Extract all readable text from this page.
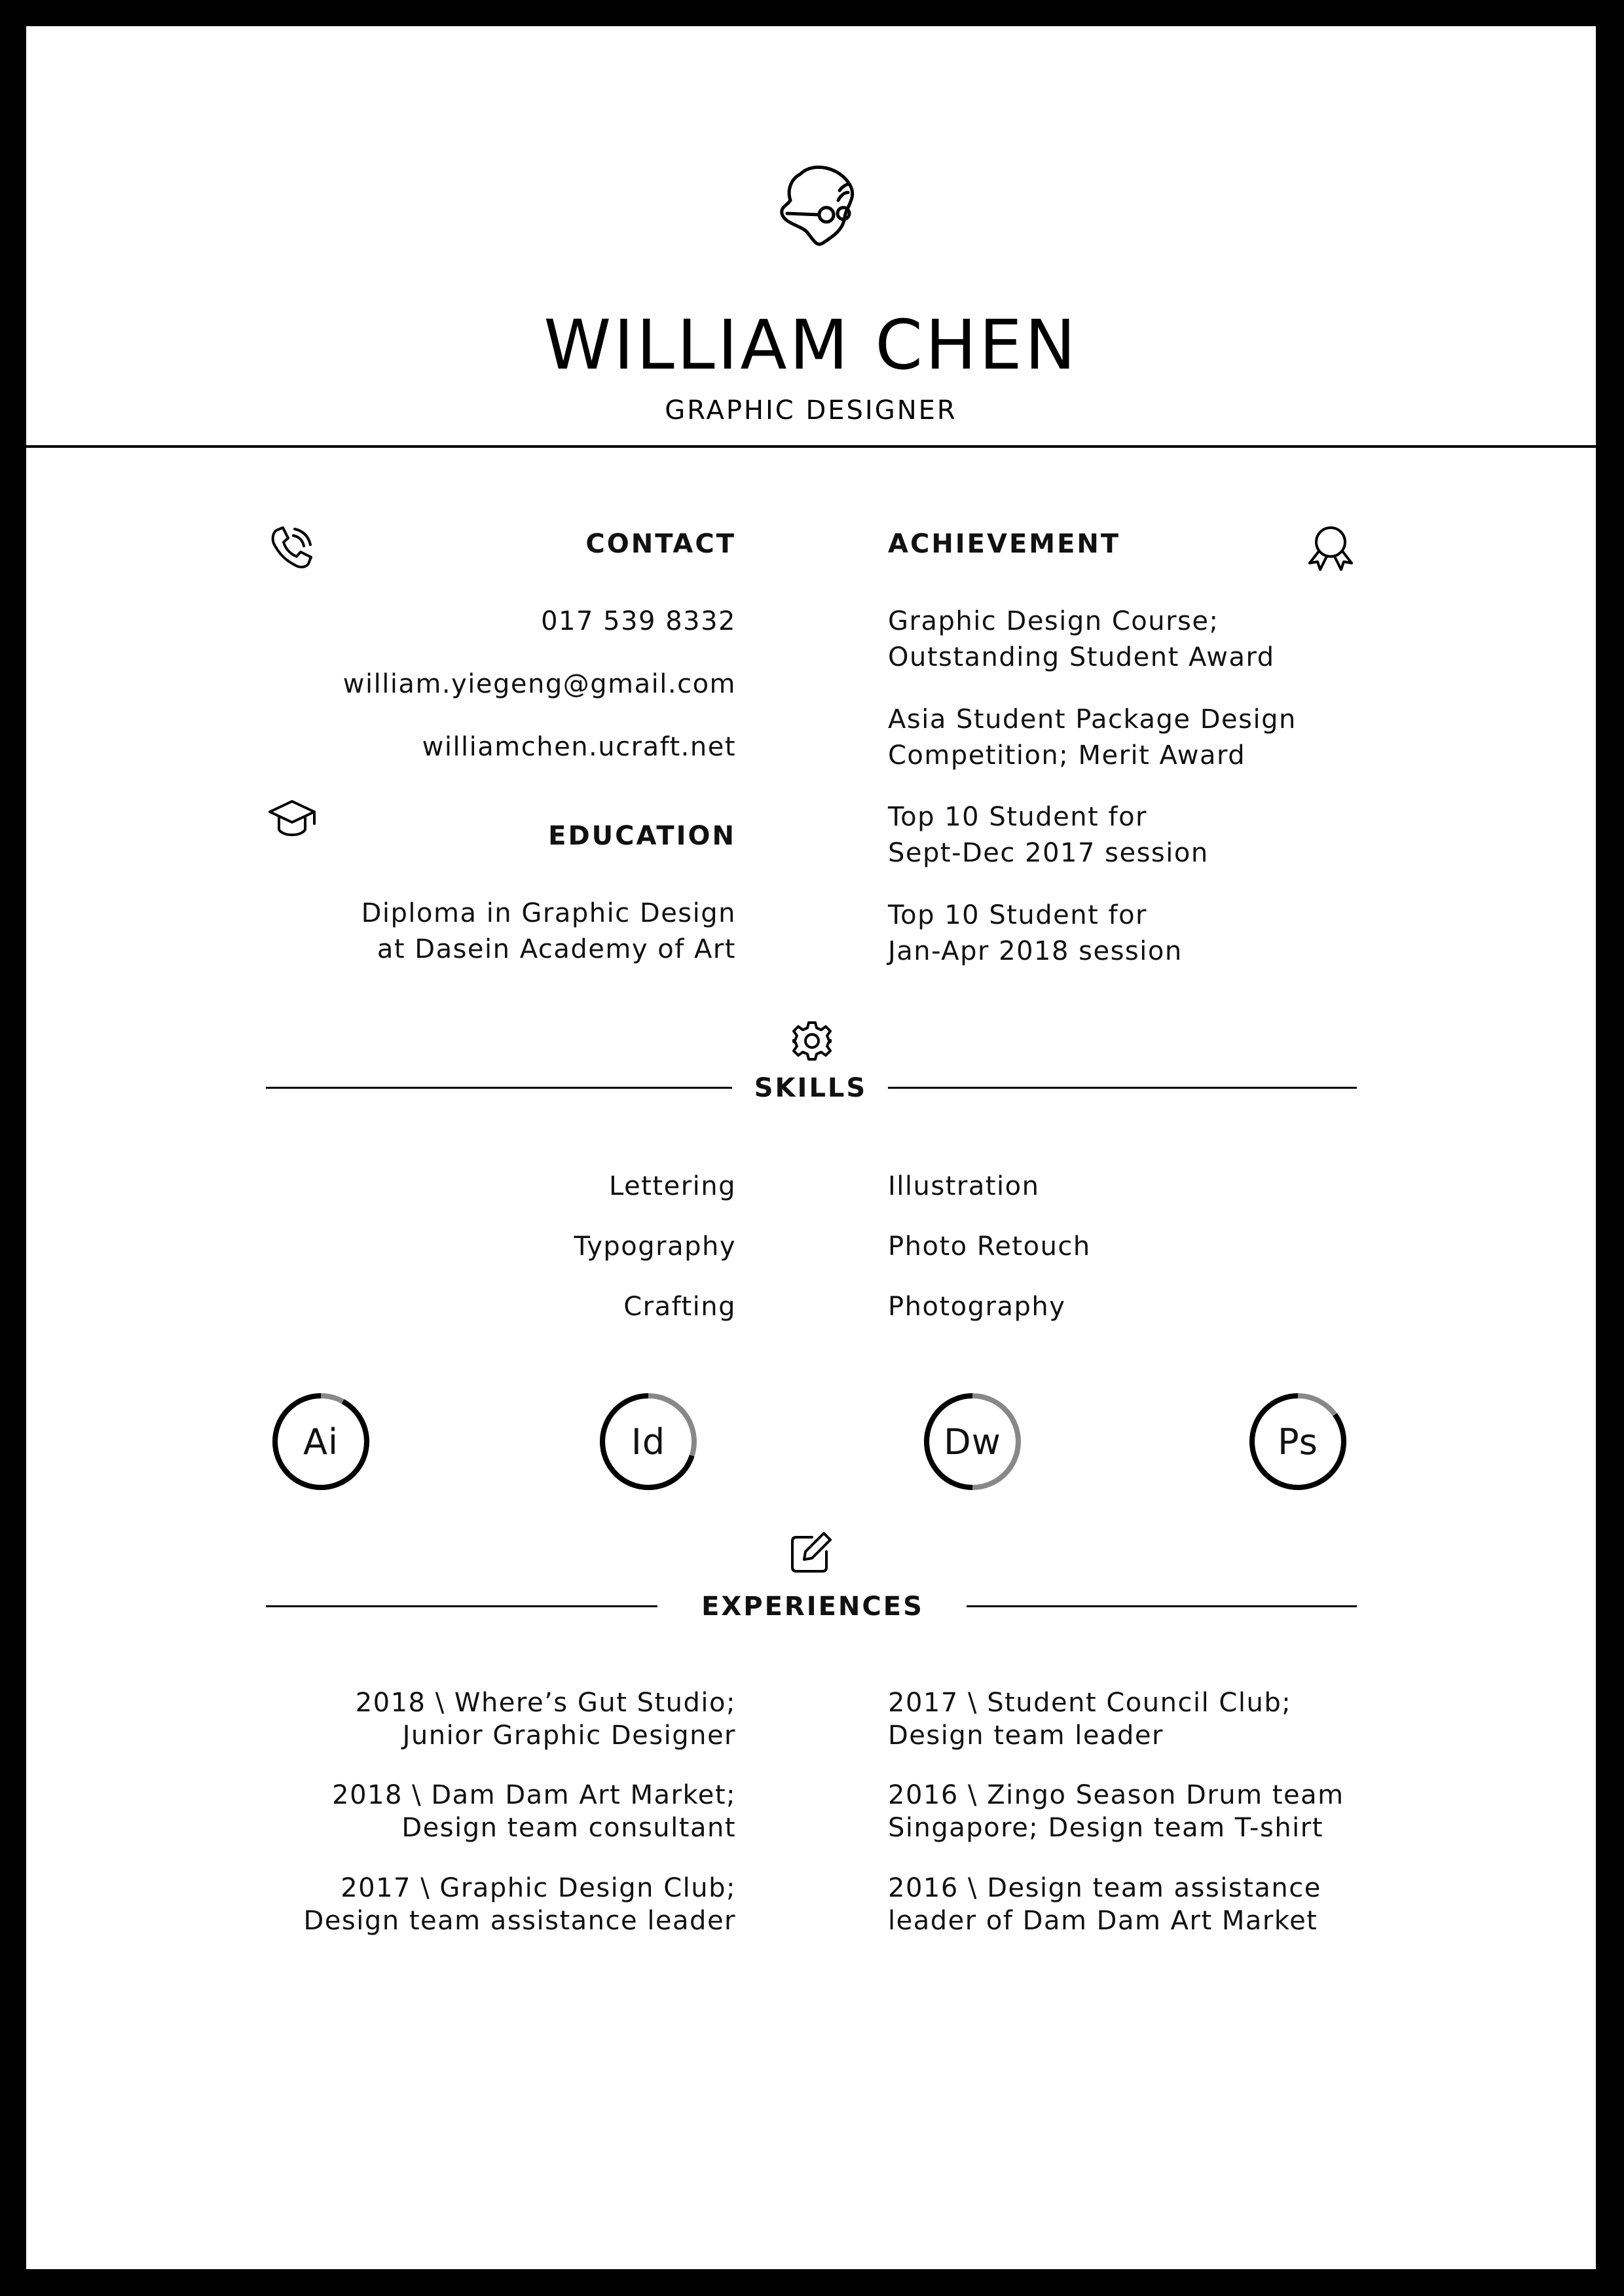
WILLIAM CHEN
GRAPHIC DESIGNER
CONTACT
017 539 8332
william.yiegeng@gmail.com
williamchen.ucraft.net
EDUCATION
Diploma in Graphic Design
at Dasein Academy of Art
ACHIEVEMENT
Graphic Design Course;
Outstanding Student Award
Asia Student Package Design
Competition; Merit Award
Top 10 Student for
Sept-Dec 2017 session
Top 10 Student for
Jan-Apr 2018 session
SKILLS
Lettering
Typography
Crafting
Illustration
Photo Retouch
Photography
Ai	Id	Dw	Ps
EXPERIENCES
2018 \ Where’s Gut Studio;
Junior Graphic Designer
2018 \ Dam Dam Art Market;
Design team consultant
2017 \ Graphic Design Club;
Design team assistance leader
2017 \ Student Council Club;
Design team leader
2016 \ Zingo Season Drum team
Singapore; Design team T-shirt
2016 \ Design team assistance
leader of Dam Dam Art Market
